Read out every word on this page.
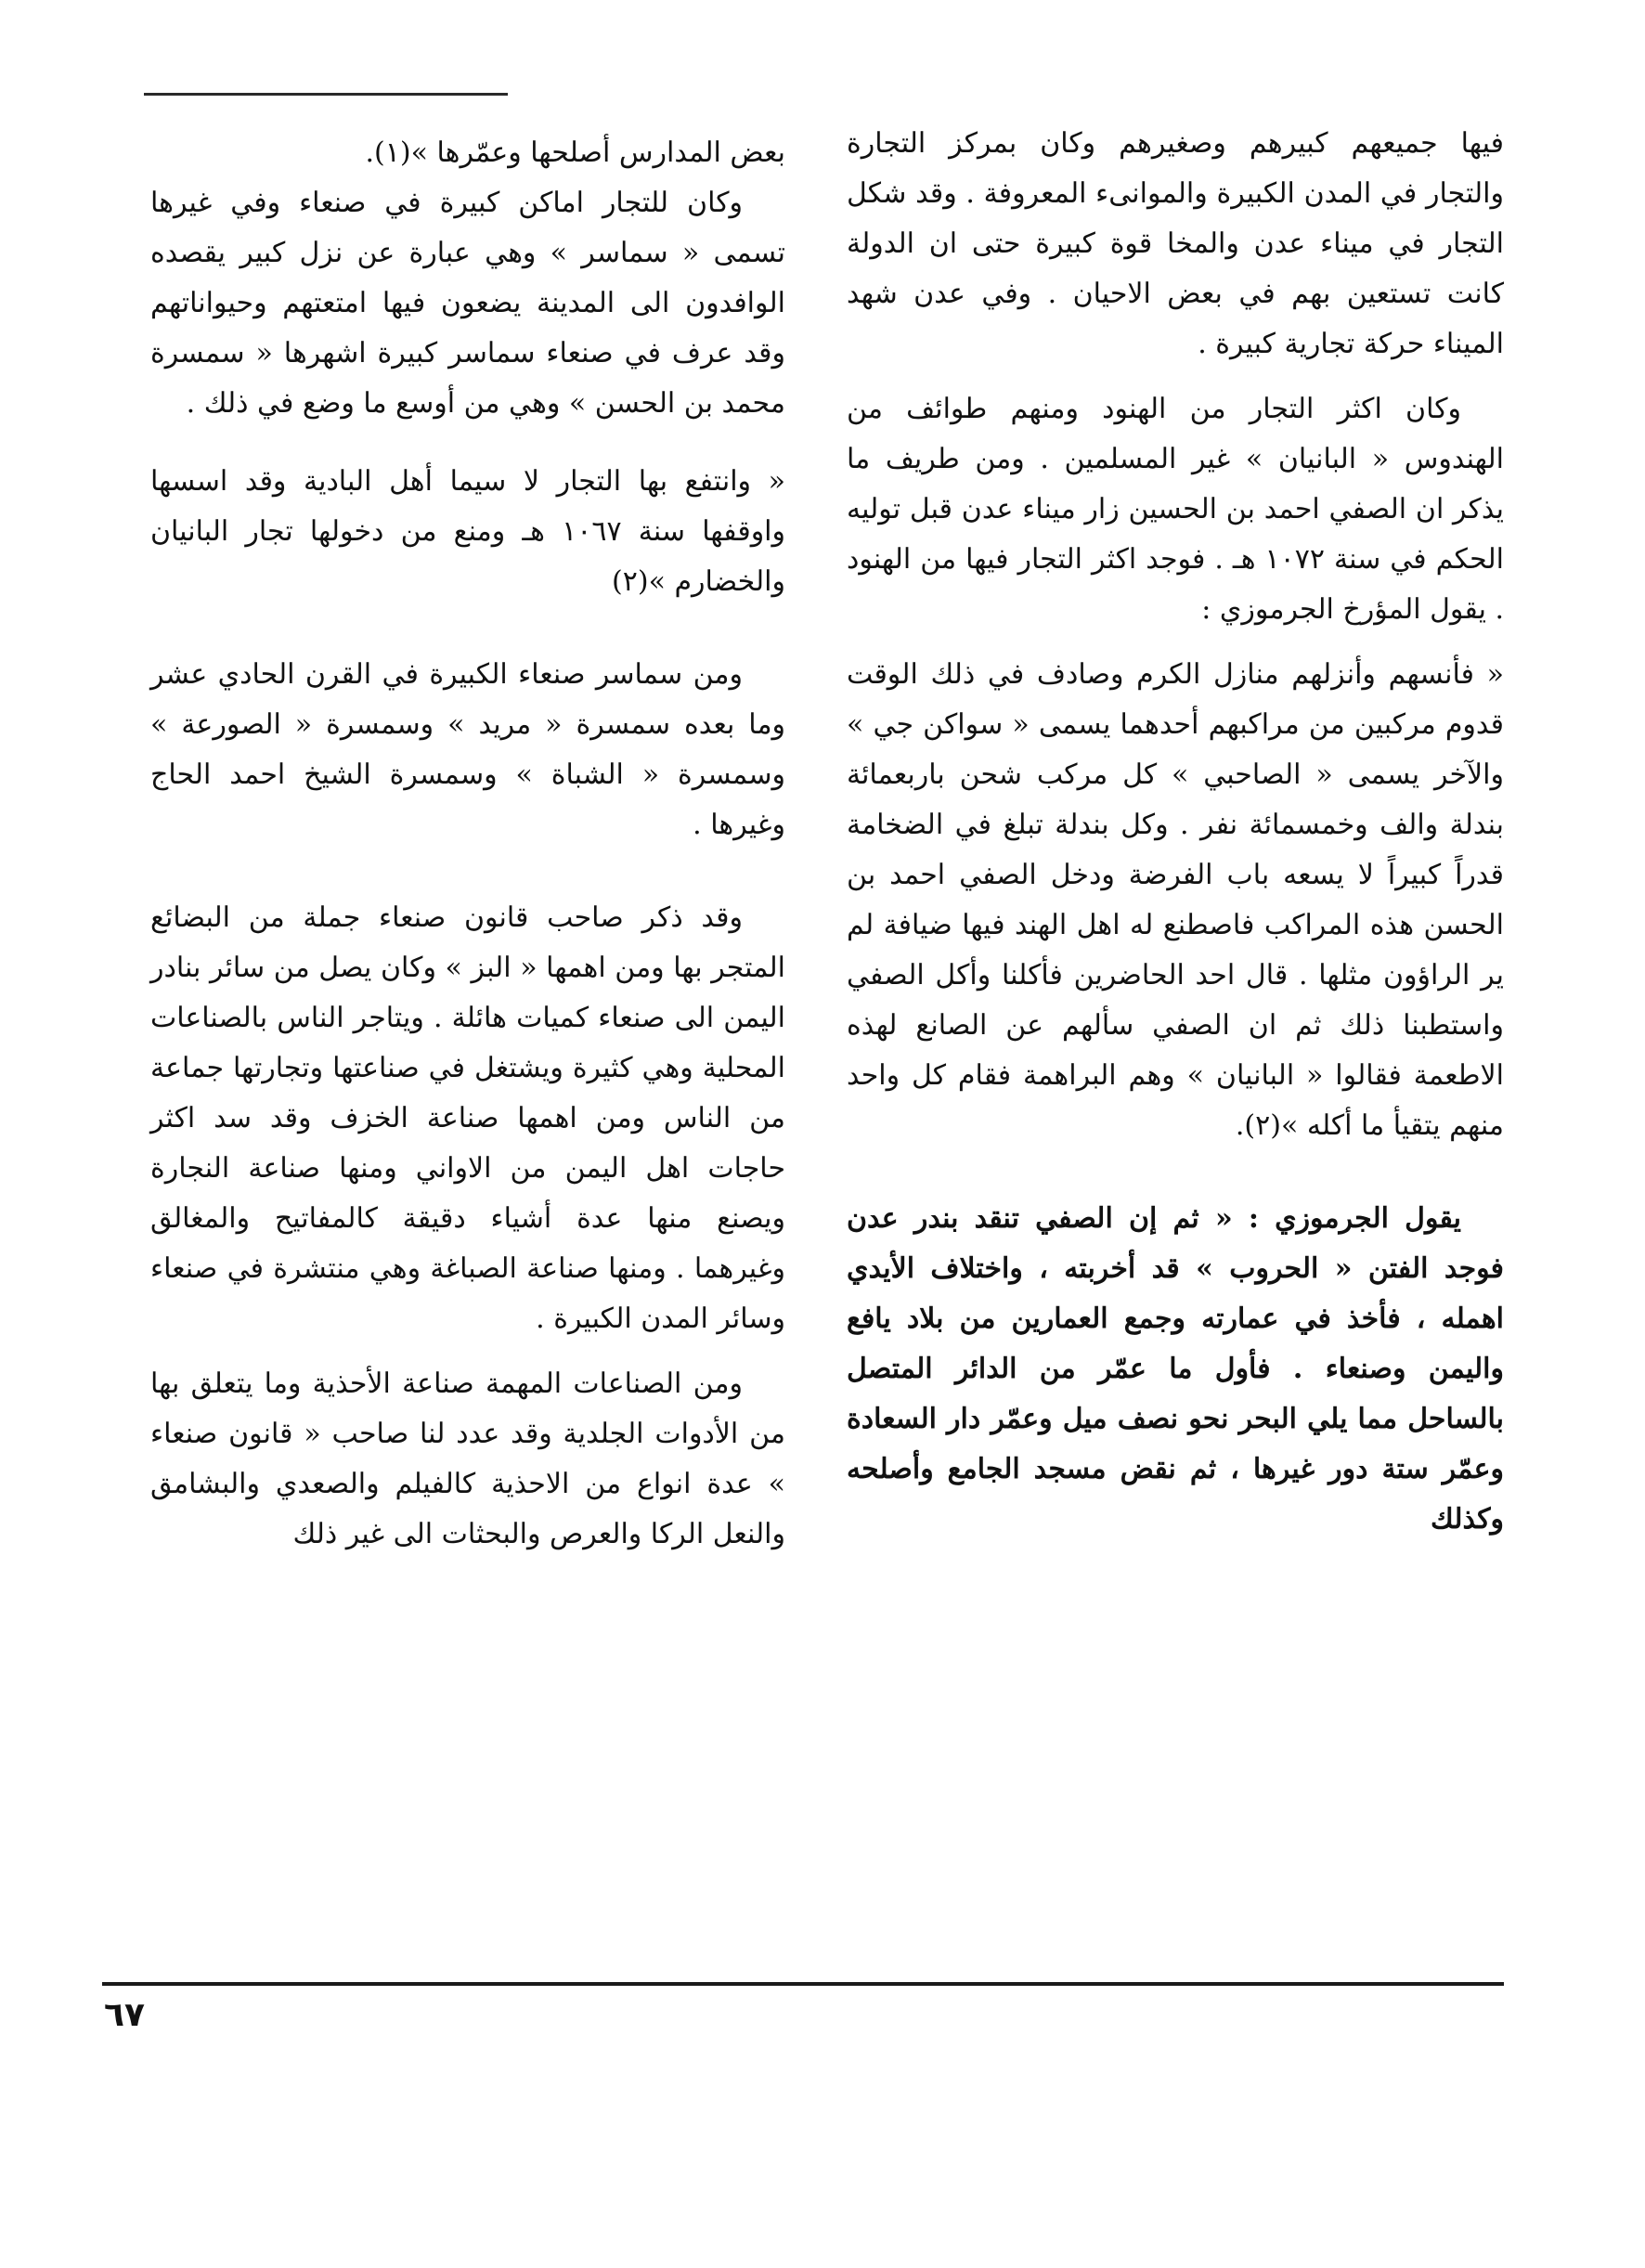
فيها جميعهم كبيرهم وصغيرهم وكان بمركز التجارة والتجار في المدن الكبيرة والموانىء المعروفة . وقد شكل التجار في ميناء عدن والمخا قوة كبيرة حتى ان الدولة كانت تستعين بهم في بعض الاحيان . وفي عدن شهد الميناء حركة تجارية كبيرة .

وكان اكثر التجار من الهنود ومنهم طوائف من الهندوس « البانيان » غير المسلمين . ومن طريف ما يذكر ان الصفي احمد بن الحسين زار ميناء عدن قبل توليه الحكم في سنة ١٠٧٢ هـ . فوجد اكثر التجار فيها من الهنود . يقول المؤرخ الجرموزي :

« فأنسهم وأنزلهم منازل الكرم وصادف في ذلك الوقت قدوم مركبين من مراكبهم أحدهما يسمى « سواكن جي » والآخر يسمى « الصاحبي » كل مركب شحن باربعمائة بندلة والف وخمسمائة نفر . وكل بندلة تبلغ في الضخامة قدراً كبيراً لا يسعه باب الفرضة ودخل الصفي احمد بن الحسن هذه المراكب فاصطنع له اهل الهند فيها ضيافة لم ير الراؤون مثلها . قال احد الحاضرين فأكلنا وأكل الصفي واستطبنا ذلك ثم ان الصفي سألهم عن الصانع لهذه الاطعمة فقالوا « البانيان » وهم البراهمة فقام كل واحد منهم يتقيأ ما أكله »(٢).

يقول الجرموزي : « ثم إن الصفي تنقد بندر عدن فوجد الفتن « الحروب » قد أخربته ، واختلاف الأيدي اهمله ، فأخذ في عمارته وجمع العمارين من بلاد يافع واليمن وصنعاء . فأول ما عمّر من الدائر المتصل بالساحل مما يلي البحر نحو نصف ميل وعمّر دار السعادة وعمّر ستة دور غيرها ، ثم نقض مسجد الجامع وأصلحه وكذلك

بعض المدارس أصلحها وعمّرها »(١).

وكان للتجار اماكن كبيرة في صنعاء وفي غيرها تسمى « سماسر » وهي عبارة عن نزل كبير يقصده الوافدون الى المدينة يضعون فيها امتعتهم وحيواناتهم وقد عرف في صنعاء سماسر كبيرة اشهرها « سمسرة محمد بن الحسن » وهي من أوسع ما وضع في ذلك .

« وانتفع بها التجار لا سيما أهل البادية وقد اسسها واوقفها سنة ١٠٦٧ هـ ومنع من دخولها تجار البانيان والخضارم »(٢)

ومن سماسر صنعاء الكبيرة في القرن الحادي عشر وما بعده سمسرة « مريد » وسمسرة « الصورعة » وسمسرة « الشباة » وسمسرة الشيخ احمد الحاج وغيرها .

وقد ذكر صاحب قانون صنعاء جملة من البضائع المتجر بها ومن اهمها « البز » وكان يصل من سائر بنادر اليمن الى صنعاء كميات هائلة . ويتاجر الناس بالصناعات المحلية وهي كثيرة ويشتغل في صناعتها وتجارتها جماعة من الناس ومن اهمها صناعة الخزف وقد سد اكثر حاجات اهل اليمن من الاواني ومنها صناعة النجارة ويصنع منها عدة أشياء دقيقة كالمفاتيح والمغالق وغيرهما . ومنها صناعة الصباغة وهي منتشرة في صنعاء وسائر المدن الكبيرة .

ومن الصناعات المهمة صناعة الأحذية وما يتعلق بها من الأدوات الجلدية وقد عدد لنا صاحب « قانون صنعاء » عدة انواع من الاحذية كالفيلم والصعدي والبشامق والنعل الركا والعرص والبحثات الى غير ذلك

٦٧
